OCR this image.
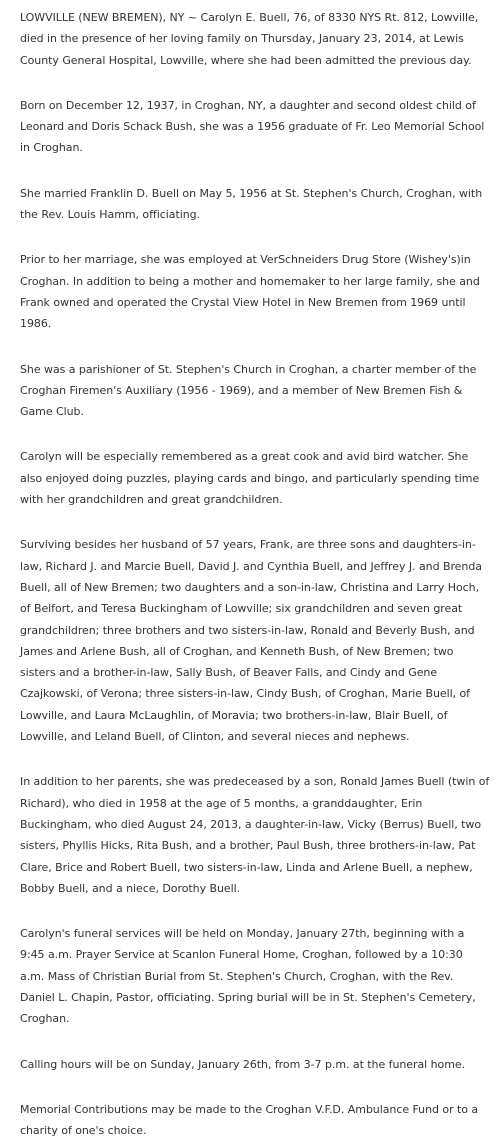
LOWVILLE (NEW BREMEN), NY ~ Carolyn E. Buell, 76, of 8330 NYS Rt. 812, Lowville, died in the presence of her loving family on Thursday, January 23, 2014, at Lewis County General Hospital, Lowville, where she had been admitted the previous day.

Born on December 12, 1937, in Croghan, NY, a daughter and second oldest child of Leonard and Doris Schack Bush, she was a 1956 graduate of Fr. Leo Memorial School in Croghan.

She married Franklin D. Buell on May 5, 1956 at St. Stephen's Church, Croghan, with the Rev. Louis Hamm, officiating.

Prior to her marriage, she was employed at VerSchneiders Drug Store (Wishey's)in Croghan. In addition to being a mother and homemaker to her large family, she and Frank owned and operated the Crystal View Hotel in New Bremen from 1969 until 1986.

She was a parishioner of St. Stephen's Church in Croghan, a charter member of the Croghan Firemen's Auxiliary (1956 - 1969), and a member of New Bremen Fish & Game Club.

Carolyn will be especially remembered as a great cook and avid bird watcher. She also enjoyed doing puzzles, playing cards and bingo, and particularly spending time with her grandchildren and great grandchildren.

Surviving besides her husband of 57 years, Frank, are three sons and daughters-in-law, Richard J. and Marcie Buell, David J. and Cynthia Buell, and Jeffrey J. and Brenda Buell, all of New Bremen; two daughters and a son-in-law, Christina and Larry Hoch, of Belfort, and Teresa Buckingham of Lowville; six grandchildren and seven great grandchildren; three brothers and two sisters-in-law, Ronald and Beverly Bush, and James and Arlene Bush, all of Croghan, and Kenneth Bush, of New Bremen; two sisters and a brother-in-law, Sally Bush, of Beaver Falls, and Cindy and Gene Czajkowski, of Verona; three sisters-in-law, Cindy Bush, of Croghan, Marie Buell, of Lowville, and Laura McLaughlin, of Moravia; two brothers-in-law, Blair Buell, of Lowville, and Leland Buell, of Clinton, and several nieces and nephews.

In addition to her parents, she was predeceased by a son, Ronald James Buell (twin of Richard), who died in 1958 at the age of 5 months, a granddaughter, Erin Buckingham, who died August 24, 2013, a daughter-in-law, Vicky (Berrus) Buell, two sisters, Phyllis Hicks, Rita Bush, and a brother, Paul Bush, three brothers-in-law, Pat Clare, Brice and Robert Buell, two sisters-in-law, Linda and Arlene Buell, a nephew, Bobby Buell, and a niece, Dorothy Buell.

Carolyn's funeral services will be held on Monday, January 27th, beginning with a 9:45 a.m. Prayer Service at Scanlon Funeral Home, Croghan, followed by a 10:30 a.m. Mass of Christian Burial from St. Stephen's Church, Croghan, with the Rev. Daniel L. Chapin, Pastor, officiating. Spring burial will be in St. Stephen's Cemetery, Croghan.

Calling hours will be on Sunday, January 26th, from 3-7 p.m. at the funeral home.

Memorial Contributions may be made to the Croghan V.F.D. Ambulance Fund or to a charity of one's choice.
